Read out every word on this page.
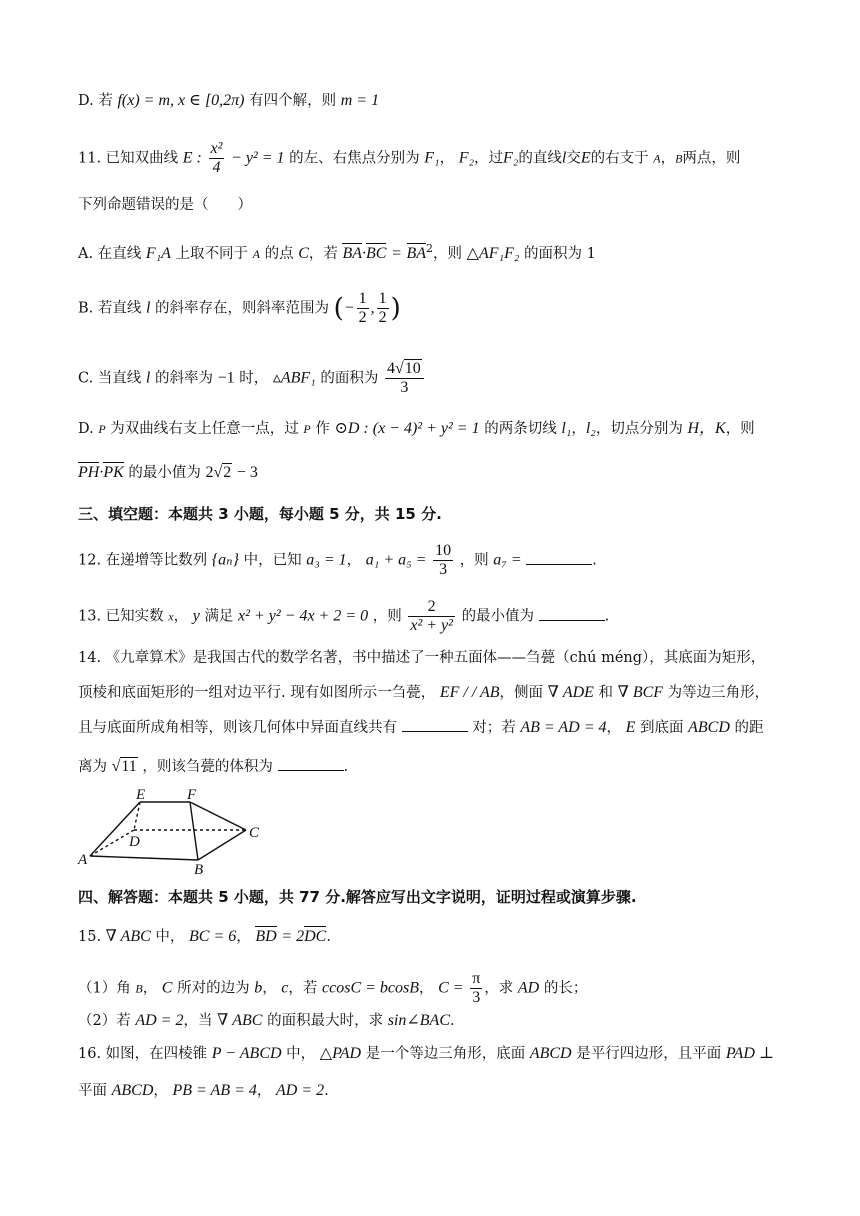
D. 若 f(x) = m, x ∈ [0,2π) 有四个解，则 m = 1
11. 已知双曲线 E : $\frac{\text{x²}}{4} - y^2 = 1$ 的左、右焦点分别为 F₁， F₂，过F₂的直线l交E的右支于 A，B两点，则
下列命题错误的是（　　）
A. 在直线 F₁A 上取不同于 A 的点 C，若 $BA\cdot BC = BA^2$，则 △AF₁F₂ 的面积为 1
B. 若直线 l 的斜率存在，则斜率范围为 (− $\frac{1}{2}$ , $\frac{1}{2}$ )
C. 当直线 l 的斜率为 −1 时， ▵ABF₁ 的面积为 $\frac{4√10}{3}$
D. P 为双曲线右支上任意一点，过 P 作 ⊙D : (x − 4)² + y² = 1 的两条切线 l₁，l₂，切点分别为 H，K，则
PH·PK 的最小值为 2√2 − 3
三、填空题：本题共 3 小题，每小题 5 分，共 15 分.
12. 在递增等比数列 {aₙ} 中，已知 a₃ = 1， $a_1 + a_5 = \frac{10}{3}$ ，则 a₇ =	.
13. 已知实数 x， y 满足 x² + y² − 4x + 2 = 0 ，则 $\frac{2}{\text{x² + y²}}$ 的最小值为	.
14. 《九章算术》是我国古代的数学名著，书中描述了一种五面体——刍甍（chú méng），其底面为矩形，
顶棱和底面矩形的一组对边平行. 现有如图所示一刍甍， EF / / AB，侧面 ∇ ADE 和 ∇ BCF 为等边三角形，
且与底面所成角相等，则该几何体中异面直线共有	对；若 AB = AD = 4， E 到底面 ABCD 的距
离为 √11 ，则该刍甍的体积为	.
E	F
A
B
C
D
四、解答题：本题共 5 小题，共 77 分.解答应写出文字说明，证明过程或演算步骤.
15. ∇ ABC 中， BC = 6， BD = 2DC.
（1）角 B， C 所对的边为 b， c，若 ccosC = bcosB， $C = \frac{\pi}{3}$ ，求 AD 的长；
（2）若 AD = 2，当 ∇ ABC 的面积最大时，求 sin∠BAC.
16. 如图，在四棱锥 P − ABCD 中， △PAD 是一个等边三角形，底面 ABCD 是平行四边形，且平面 PAD ⊥
平面 ABCD， PB = AB = 4， AD = 2.
